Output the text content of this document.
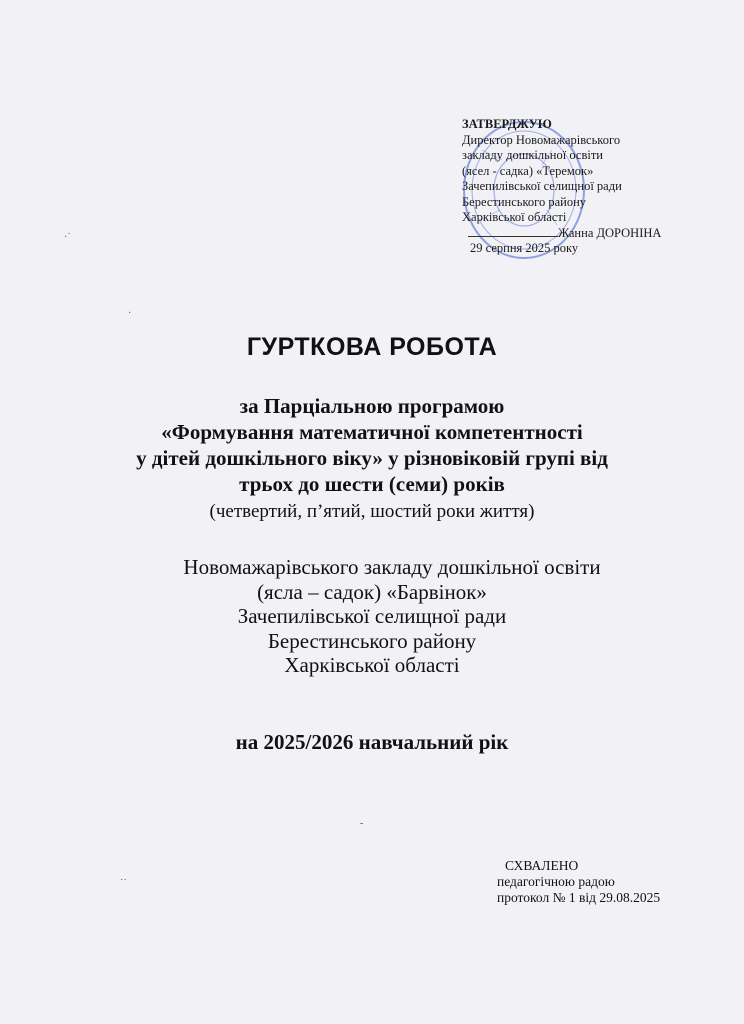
ЗАТВЕРДЖУЮ
Директор Новомажарівського
закладу дошкільної освіти
(ясел - садка) «Теремок»
Зачепилівської селищної ради
Берестинського району
Харківської області
Жанна ДОРОНІНА
29 серпня 2025 року
ГУРТКОВА РОБОТА
за Парціальною програмою
«Формування математичної компетентності
у дітей дошкільного віку» у різновіковій групі від
трьох до шести (семи) років
(четвертий, п’ятий, шостий роки життя)
Новомажарівського закладу дошкільної освіти
(ясла – садок) «Барвінок»
Зачепилівської селищної ради
Берестинського району
Харківської області
на 2025/2026 навчальний рік
СХВАЛЕНО
педагогічною радою
протокол № 1 від 29.08.2025
·˙
·
-
˙˙
